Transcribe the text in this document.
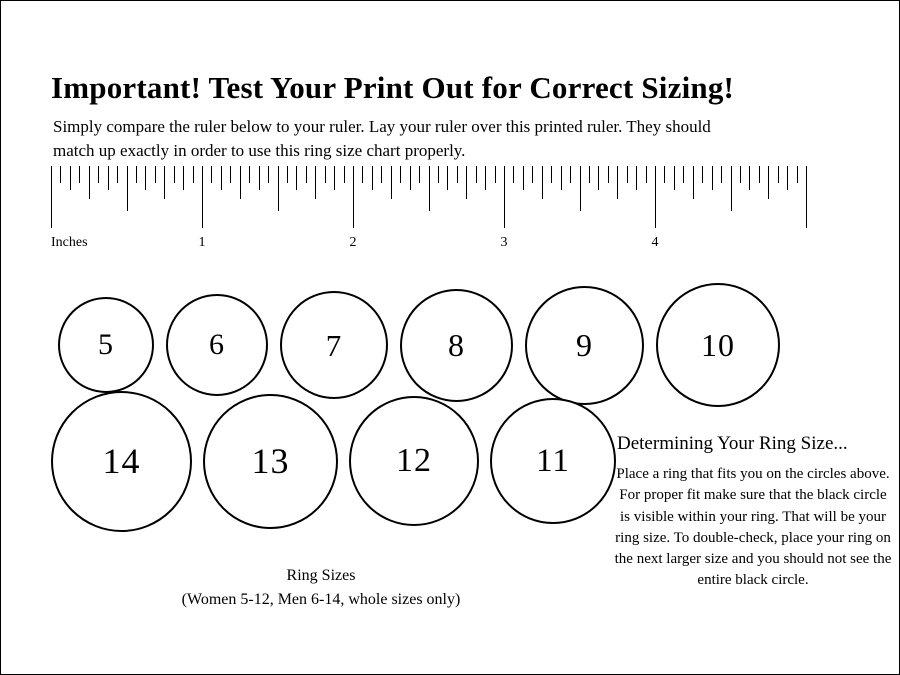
Important! Test Your Print Out for Correct Sizing!

Simply compare the ruler below to your ruler. Lay your ruler over this printed ruler. They should match up exactly in order to use this ring size chart properly.

Inches	1	2	3	4
5	6	7	8	9	10
14	13	12	11
Ring Sizes
(Women 5-12, Men 6-14, whole sizes only)
Determining Your Ring Size...
Place a ring that fits you on the circles above. For proper fit make sure that the black circle is visible within your ring. That will be your ring size. To double-check, place your ring on the next larger size and you should not see the entire black circle.
